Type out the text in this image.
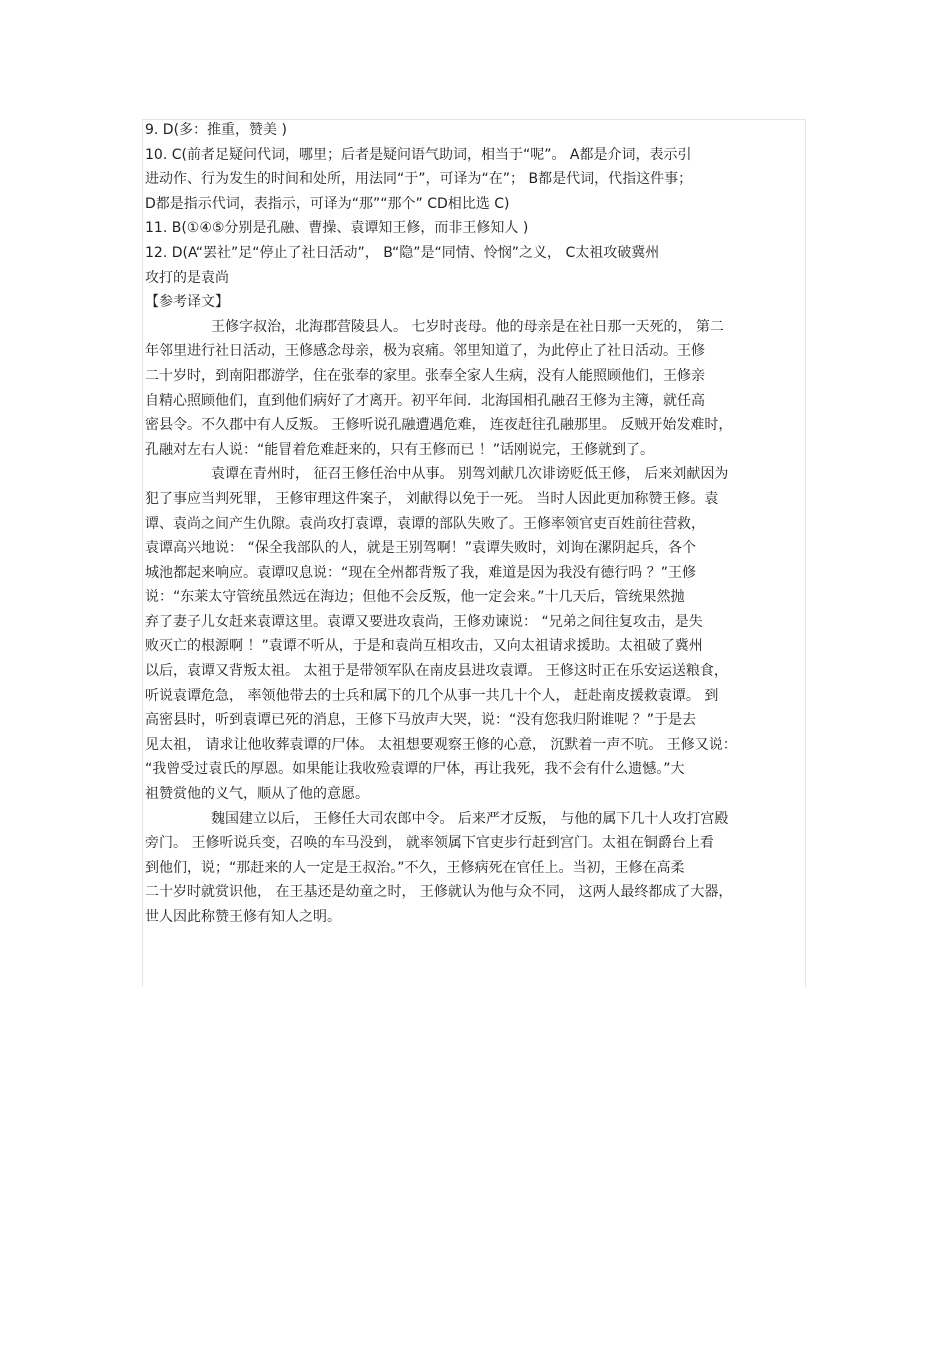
9. D(多：推重，赞美 )
10. C(前者足疑问代词，哪里；后者是疑问语气助词，相当于“呢”。 A都是介词，表示引
进动作、行为发生的时间和处所，用法同“于”，可译为“在”； B都是代词，代指这件事；
D都是指示代词，表指示，可译为“那”“那个” CD相比选 C)
11. B(①④⑤分别是孔融、曹操、袁谭知王修，而非王修知人 )
12. D(A“罢社”足“停止了社日活动”， B“隐”是“同情、怜悯”之义， C太祖攻破冀州
攻打的是袁尚
【参考译文】
王修字叔治，北海郡营陵县人。 七岁时丧母。他的母亲是在社日那一天死的， 第二
年邻里进行社日活动，王修感念母亲，极为哀痛。邻里知道了，为此停止了社日活动。王修
二十岁时，到南阳郡游学，住在张奉的家里。张奉全家人生病，没有人能照顾他们，王修亲
自精心照顾他们，直到他们病好了才离开。初平年间．北海国相孔融召王修为主簿，就任高
密县令。不久郡中有人反叛。 王修听说孔融遭遇危难， 连夜赶往孔融那里。 反贼开始发难时，
孔融对左右人说：“能冒着危难赶来的，只有王修而已 ！”话刚说完，王修就到了。
袁谭在青州时， 征召王修任治中从事。 别驾刘献几次诽谤贬低王修， 后来刘献因为
犯了事应当判死罪， 王修审理这件案子， 刘献得以免于一死。 当时人因此更加称赞王修。袁
谭、袁尚之间产生仇隙。袁尚攻打袁谭，袁谭的部队失败了。王修率领官吏百姓前往营救，
袁谭高兴地说： “保全我部队的人，就是王别驾啊！”袁谭失败时，刘询在漯阴起兵，各个
城池都起来响应。袁谭叹息说：“现在全州都背叛了我，难道是因为我没有德行吗 ？”王修
说：“东莱太守管统虽然远在海边；但他不会反叛，他一定会来。”十几天后，管统果然抛
弃了妻子儿女赶来袁谭这里。袁谭又要进攻袁尚，王修劝谏说： “兄弟之间往复攻击，是失
败灭亡的根源啊 ！”袁谭不听从，于是和袁尚互相攻击，又向太祖请求援助。太祖破了冀州
以后，袁谭又背叛太祖。 太祖于是带领军队在南皮县进攻袁谭。 王修这时正在乐安运送粮食，
听说袁谭危急， 率领他带去的士兵和属下的几个从事一共几十个人， 赶赴南皮援救袁谭。 到
高密县时，听到袁谭已死的消息，王修下马放声大哭，说：“没有您我归附谁呢 ？”于是去
见太祖， 请求让他收葬袁谭的尸体。 太祖想要观察王修的心意， 沉默着一声不吭。 王修又说：
“我曾受过袁氏的厚恩。如果能让我收殓袁谭的尸体，再让我死，我不会有什么遗憾。”大
祖赞赏他的义气，顺从了他的意愿。
魏国建立以后， 王修任大司农郎中令。 后来严才反叛， 与他的属下几十人攻打宫殿
旁门。 王修听说兵变，召唤的车马没到， 就率领属下官吏步行赶到宫门。太祖在铜爵台上看
到他们，说；“那赶来的人一定是王叔治。”不久，王修病死在官任上。当初，王修在高柔
二十岁时就赏识他， 在王基还是幼童之时， 王修就认为他与众不同， 这两人最终都成了大器，
世人因此称赞王修有知人之明。
